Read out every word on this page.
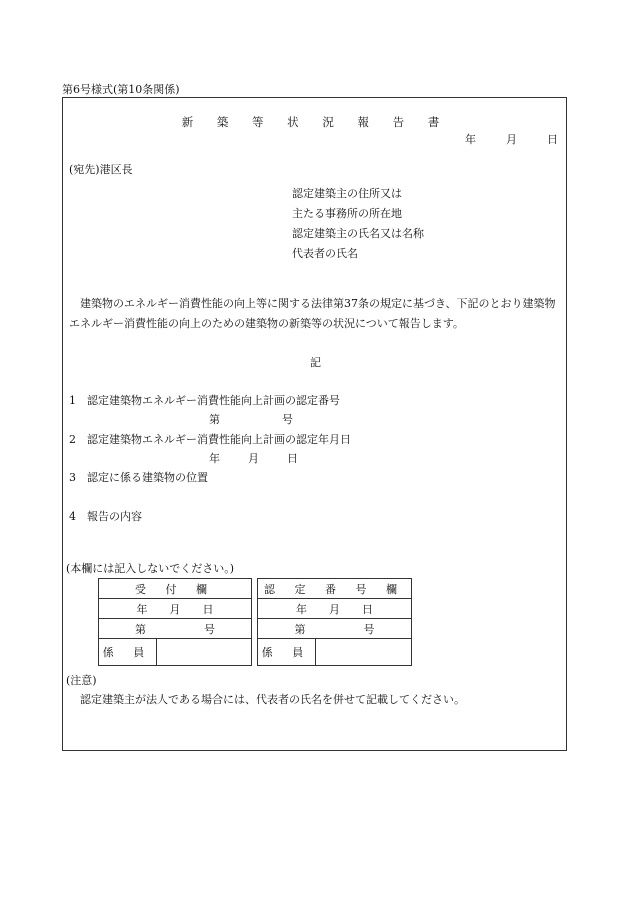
第6号様式(第10条関係)
新 築 等 状 況 報 告 書
年	月	日
(宛先)港区長
認定建築主の住所又は
主たる事務所の所在地
認定建築主の氏名又は名称
代表者の氏名
建築物のエネルギー消費性能の向上等に関する法律第37条の規定に基づき、下記のとおり建築物エネルギー消費性能の向上のための建築物の新築等の状況について報告します。
記
1　認定建築物エネルギー消費性能向上計画の認定番号
第	号
2　認定建築物エネルギー消費性能向上計画の認定年月日
年	月	日
3　認定に係る建築物の位置
4　報告の内容
(本欄には記入しないでください。)
受 付 欄			認 定 番 号 欄	
年 月 日			年 月 日	
第 号			第 号	
係 員			係 員	
(注意)
認定建築主が法人である場合には、代表者の氏名を併せて記載してください。
